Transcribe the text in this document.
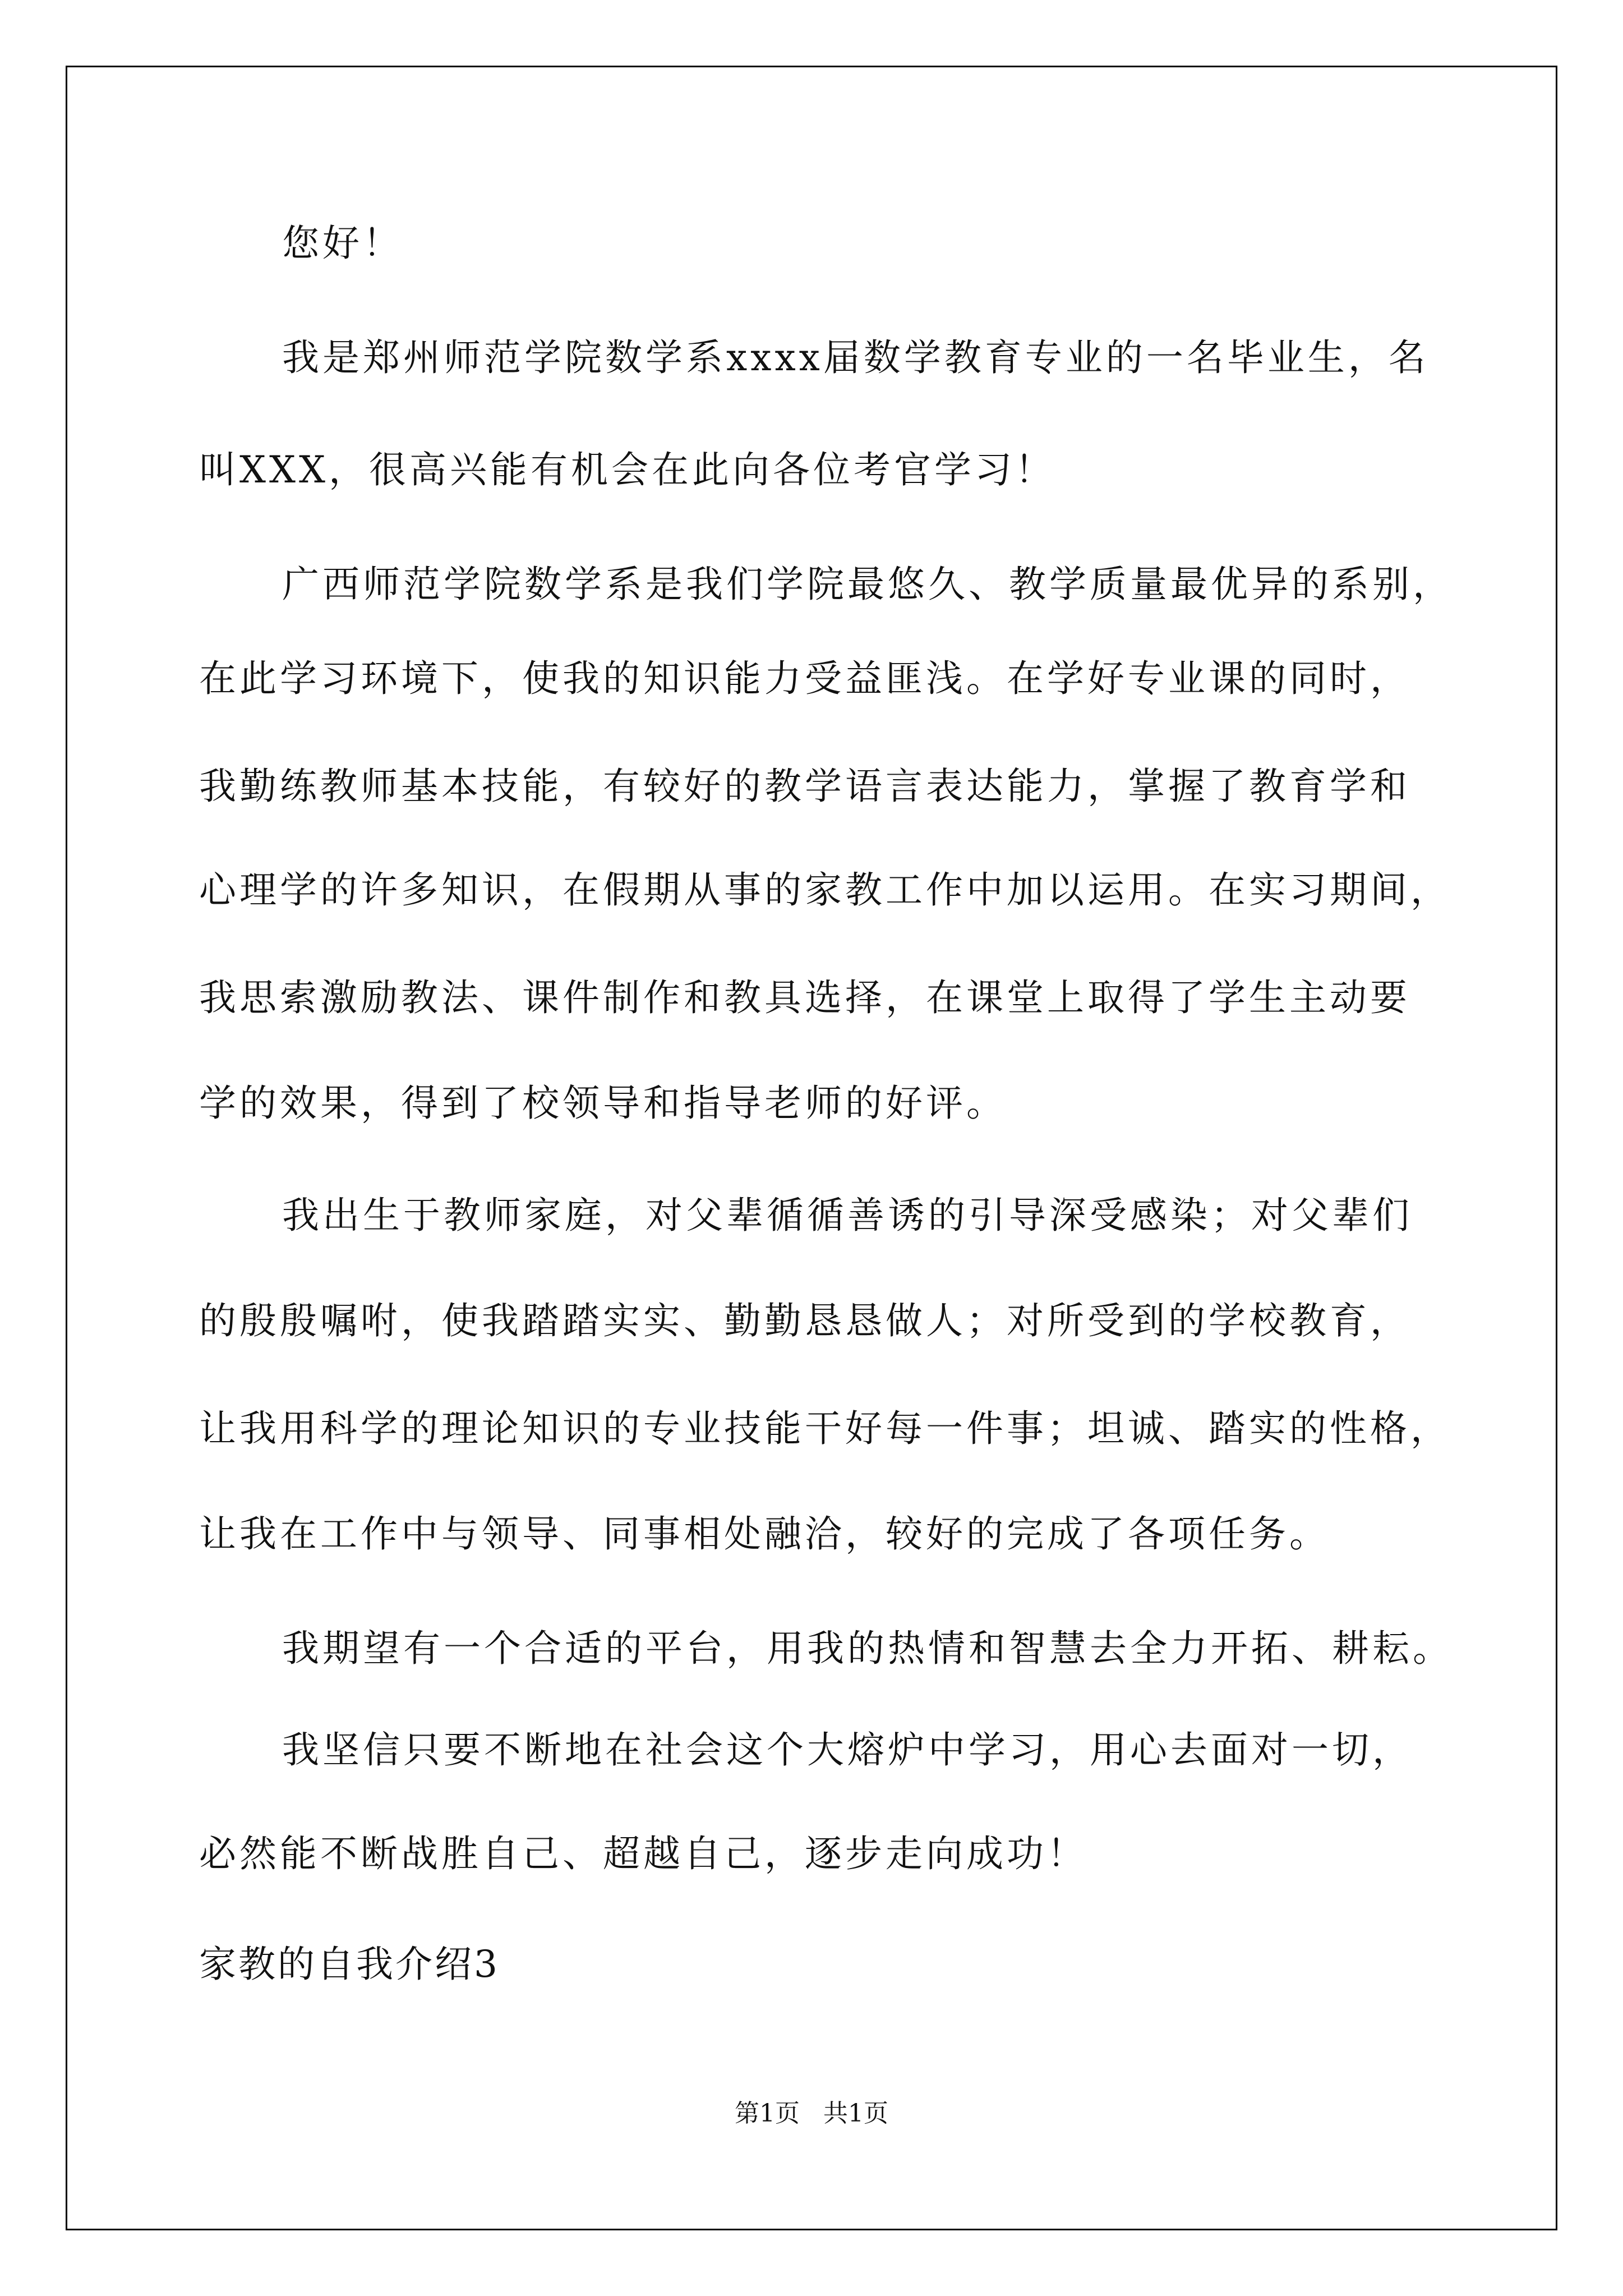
您好！
我是郑州师范学院数学系xxxx届数学教育专业的一名毕业生，名
叫XXX，很高兴能有机会在此向各位考官学习！
广西师范学院数学系是我们学院最悠久、教学质量最优异的系别，
在此学习环境下，使我的知识能力受益匪浅。在学好专业课的同时，
我勤练教师基本技能，有较好的教学语言表达能力，掌握了教育学和
心理学的许多知识，在假期从事的家教工作中加以运用。在实习期间，
我思索激励教法、课件制作和教具选择，在课堂上取得了学生主动要
学的效果，得到了校领导和指导老师的好评。
我出生于教师家庭，对父辈循循善诱的引导深受感染；对父辈们
的殷殷嘱咐，使我踏踏实实、勤勤恳恳做人；对所受到的学校教育，
让我用科学的理论知识的专业技能干好每一件事；坦诚、踏实的性格，
让我在工作中与领导、同事相处融洽，较好的完成了各项任务。
我期望有一个合适的平台，用我的热情和智慧去全力开拓、耕耘。
我坚信只要不断地在社会这个大熔炉中学习，用心去面对一切，
必然能不断战胜自己、超越自己，逐步走向成功！
家教的自我介绍3
第1页 共1页
